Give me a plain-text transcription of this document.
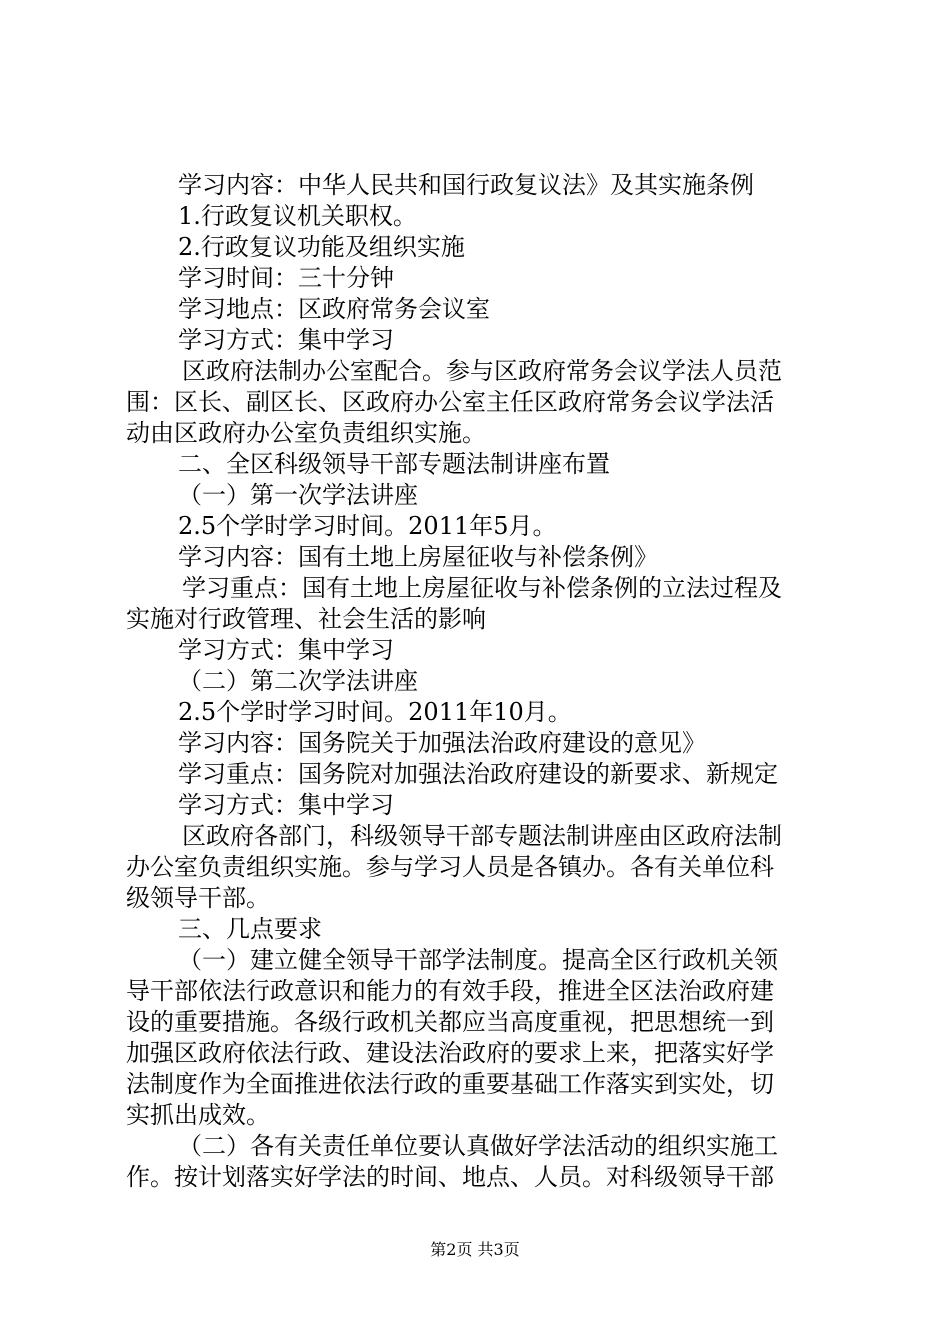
学习内容：中华人民共和国行政复议法》及其实施条例
1.行政复议机关职权。
2.行政复议功能及组织实施
学习时间：三十分钟
学习地点：区政府常务会议室
学习方式：集中学习
区政府法制办公室配合。参与区政府常务会议学法人员范
围：区长、副区长、区政府办公室主任区政府常务会议学法活
动由区政府办公室负责组织实施。
二、全区科级领导干部专题法制讲座布置
（一）第一次学法讲座
2.5个学时学习时间。2011年5月。
学习内容：国有土地上房屋征收与补偿条例》
学习重点：国有土地上房屋征收与补偿条例的立法过程及
实施对行政管理、社会生活的影响
学习方式：集中学习
（二）第二次学法讲座
2.5个学时学习时间。2011年10月。
学习内容：国务院关于加强法治政府建设的意见》
学习重点：国务院对加强法治政府建设的新要求、新规定
学习方式：集中学习
区政府各部门，科级领导干部专题法制讲座由区政府法制
办公室负责组织实施。参与学习人员是各镇办。各有关单位科
级领导干部。
三、几点要求
（一）建立健全领导干部学法制度。提高全区行政机关领
导干部依法行政意识和能力的有效手段，推进全区法治政府建
设的重要措施。各级行政机关都应当高度重视，把思想统一到
加强区政府依法行政、建设法治政府的要求上来，把落实好学
法制度作为全面推进依法行政的重要基础工作落实到实处，切
实抓出成效。
（二）各有关责任单位要认真做好学法活动的组织实施工
作。按计划落实好学法的时间、地点、人员。对科级领导干部
第2页 共3页
